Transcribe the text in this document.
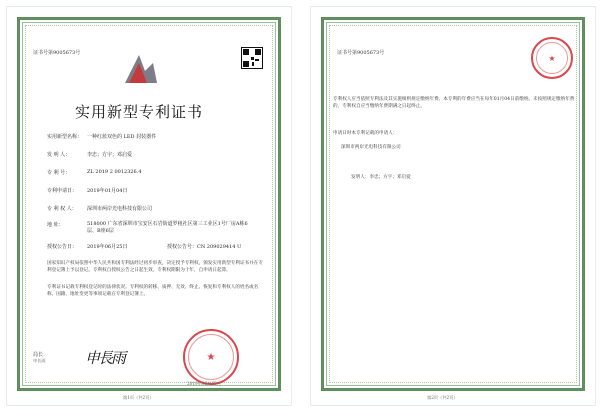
证书号第9005673号
实用新型专利证书
实用新型名称： 一种红蓝双色的 LED 封装器件
发 明 人：	李忠；方宇；邓启爱
专 利 号：	ZL 2019 2 0012326.4
专利申请日：	2019年01月04日
专 利 权 人：	深圳市两岸光电科技有限公司
地 址：	518000 广东省深圳市宝安区石岩街道罗租社区第三工业区1号厂房A栋6层、B座6层
授权公告日：	2019年06月25日	授权公告号：CN 209029414 U
国家知识产权局依照中华人民共和国专利法经过初步审查，决定授予专利权，颁发实用新型专利证书并在专利登记簿上予以登记。专利权自授权公告之日起生效。专利权期限为十年，自申请日起算。
专利证书记载专利权登记时的法律状况。专利权的转移、质押、无效、终止、恢复和专利权人的姓名或名称、国籍、地址变更等事项记载在专利登记簿上。
局长
申长雨	申長雨	★
2019年06月25日
第1页（共2页）
证书号第9005673号
★
专利权人应当依照专利法及其实施细则规定缴纳年费。本专利的年费应当在每年01月04日前缴纳。未按照规定缴纳年费的，专利权自应当缴纳年费期满之日起终止。
申请日时本专利记载的申请人：
深圳市两岸光电科技有限公司
发明人：李忠；方宇；邓启爱
第2页（共2页）
